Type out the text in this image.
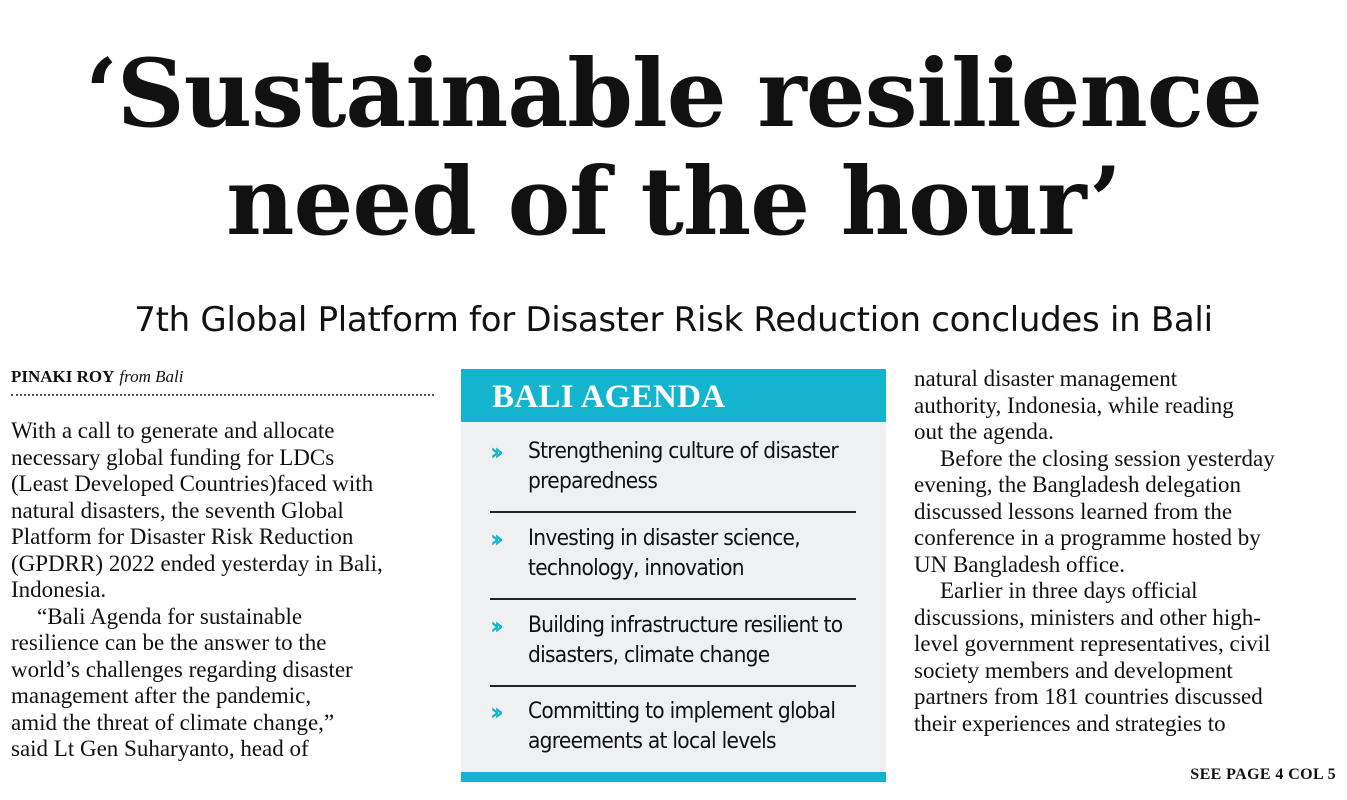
‘Sustainable resilience
need of the hour’
7th Global Platform for Disaster Risk Reduction concludes in Bali
PINAKI ROY from Bali

With a call to generate and allocate
necessary global funding for LDCs
(Least Developed Countries)faced with
natural disasters, the seventh Global
Platform for Disaster Risk Reduction
(GPDRR) 2022 ended yesterday in Bali,
Indonesia.

“Bali Agenda for sustainable
resilience can be the answer to the
world’s challenges regarding disaster
management after the pandemic,
amid the threat of climate change,”
said Lt Gen Suharyanto, head of

BALI AGENDA
›› Strengthening culture of disaster
preparedness
›› Investing in disaster science,
technology, innovation
›› Building infrastructure resilient to
disasters, climate change
›› Committing to implement global
agreements at local levels

natural disaster management
authority, Indonesia, while reading
out the agenda.

Before the closing session yesterday
evening, the Bangladesh delegation
discussed lessons learned from the
conference in a programme hosted by
UN Bangladesh office.

Earlier in three days official
discussions, ministers and other high-
level government representatives, civil
society members and development
partners from 181 countries discussed
their experiences and strategies to

SEE PAGE 4 COL 5
